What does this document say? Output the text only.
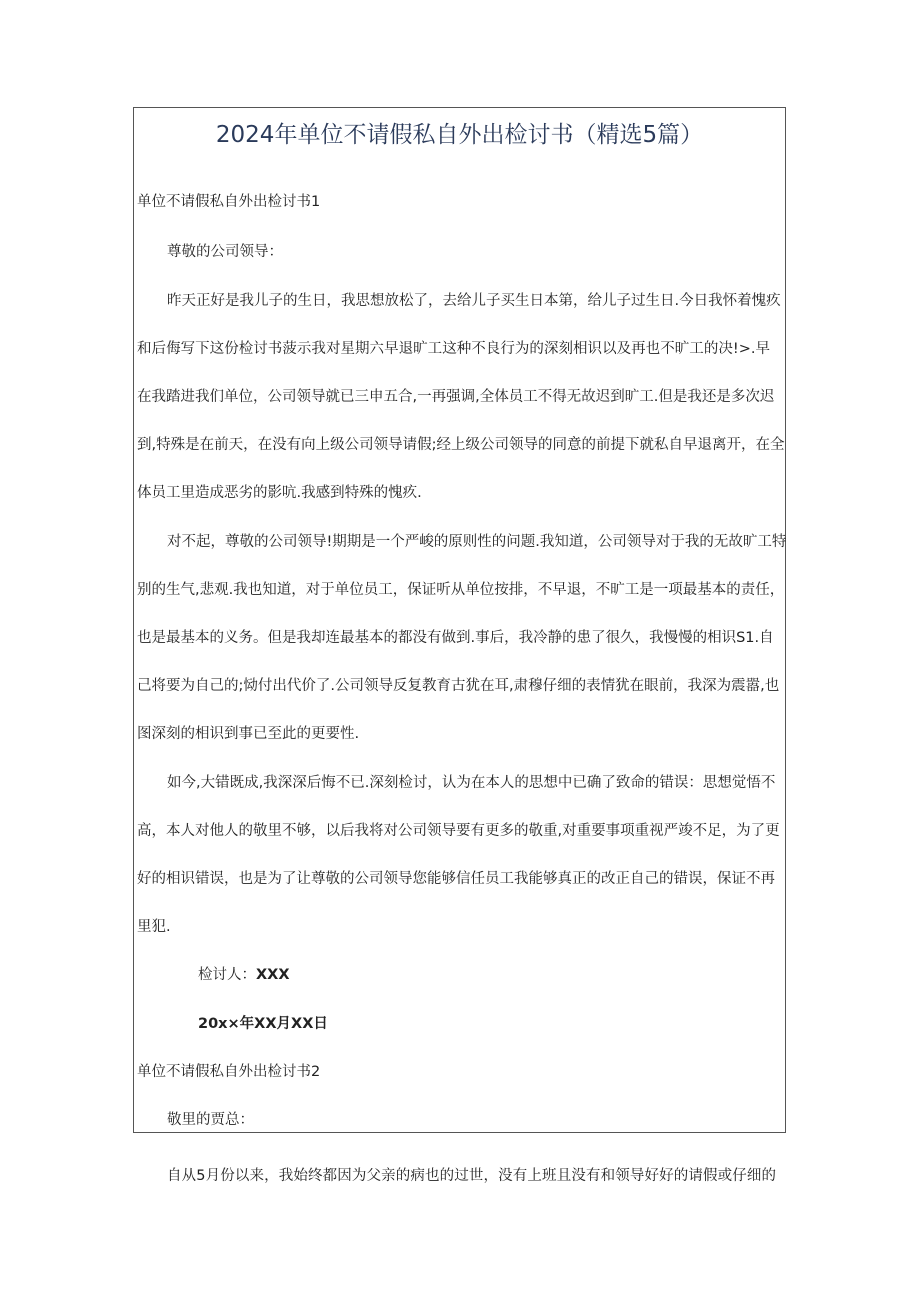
2024年单位不请假私自外出检讨书（精选5篇）

单位不请假私自外出检讨书1

尊敬的公司领导：

昨天正好是我儿子的生日，我思想放松了，去给儿子买生日本第，给儿子过生日.今日我怀着愧疚

和后侮写下这份检讨书菠示我对星期六早退旷工这种不良行为的深刻相识以及再也不旷工的决!>.早

在我踏进我们单位，公司领导就已三申五合,一再强调,全体员工不得无故迟到旷工.但是我还是多次迟

到,特殊是在前天，在没有向上级公司领导请假;经上级公司领导的同意的前提下就私自早退离开，在全

体员工里造成恶劣的影吭.我感到特殊的愧疚.

对不起，尊敬的公司领导!期期是一个严峻的原则性的问题.我知道，公司领导对于我的无故旷工特

别的生气,悲观.我也知道，对于单位员工，保证听从单位按排，不早退，不旷工是一项最基本的责任，

也是最基本的义务。但是我却连最基本的都没有做到.事后，我冷静的患了很久，我慢慢的相识S1.自

己将要为自己的;恸付出代价了.公司领导反复教育古犹在耳,肃穆仔细的表情犹在眼前，我深为震嚣,也

图深刻的相识到事已至此的更要性.

如今,大错既成,我深深后悔不已.深刻检讨，认为在本人的思想中已确了致命的错误：思想觉悟不

高，本人对他人的敬里不够，以后我将对公司领导要有更多的敬重,对重要事项重视严竣不足，为了更

好的相识错误，也是为了让尊敬的公司领导您能够信任员工我能够真正的改正自己的错误，保证不再

里犯.

检讨人：XXX

20x×年XX月XX日

单位不请假私自外出检讨书2

敬里的贾总：

自从5月份以来，我始终都因为父亲的病也的过世，没有上班且没有和领导好好的请假或仔细的
